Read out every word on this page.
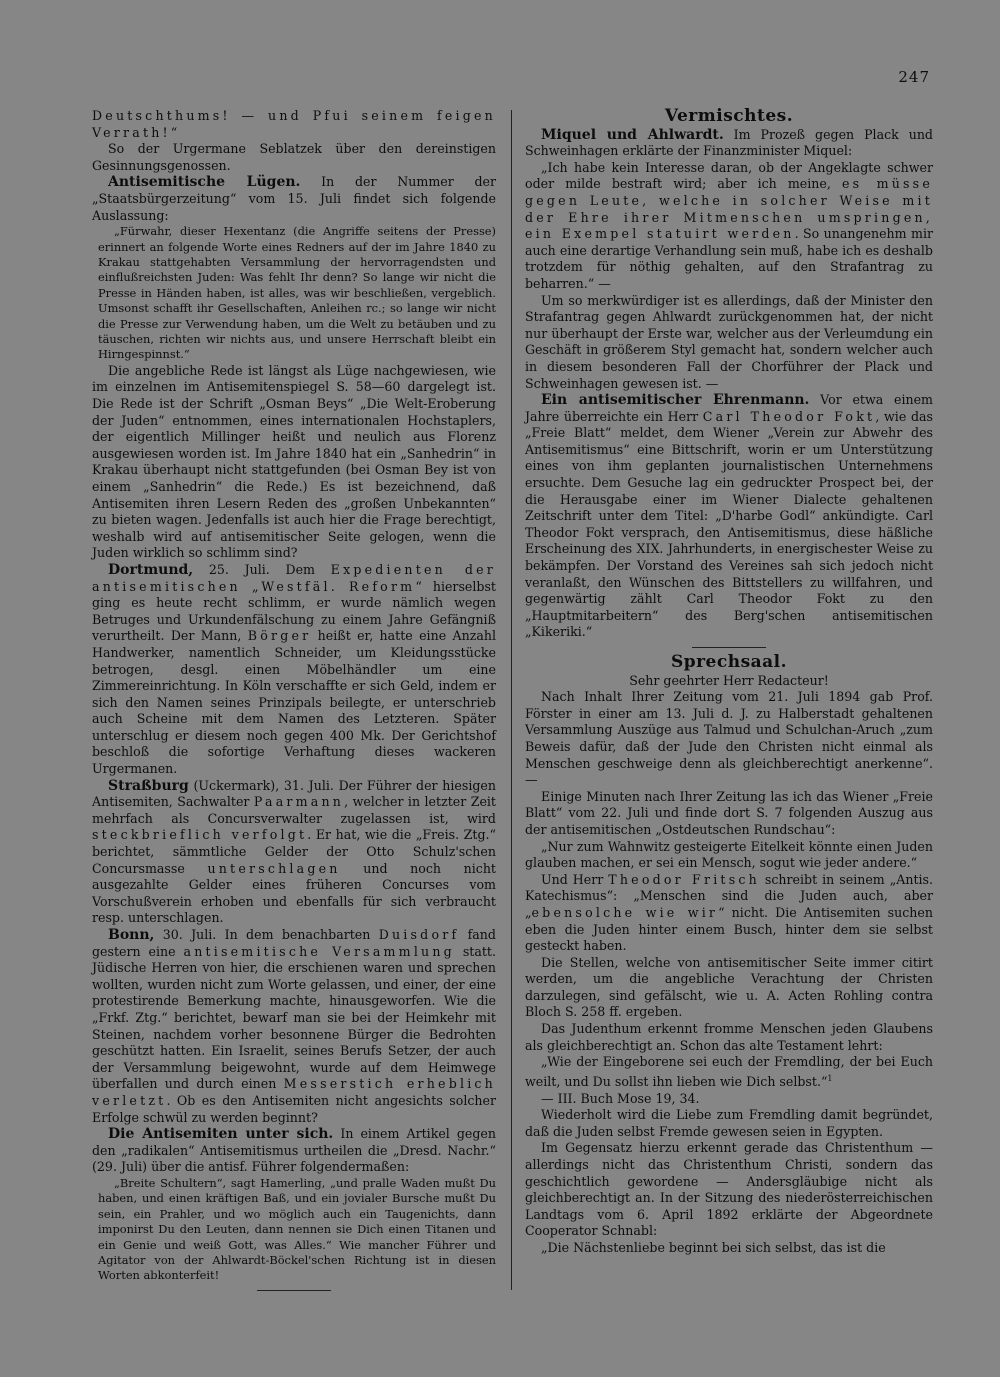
247

Deutschthums! — und Pfui seinem feigen Verrath!“

So der Urgermane Seblatzek über den dereinstigen Gesinnungsgenossen.

Antisemitische Lügen. In der Nummer der „Staatsbürgerzeitung“ vom 15. Juli findet sich folgende Auslassung:

„Fürwahr, dieser Hexentanz (die Angriffe seitens der Presse) erinnert an folgende Worte eines Redners auf der im Jahre 1840 zu Krakau stattgehabten Versammlung der hervorragendsten und einflußreichsten Juden: Was fehlt Ihr denn? So lange wir nicht die Presse in Händen haben, ist alles, was wir beschließen, vergeblich. Umsonst schafft ihr Gesellschaften, Anleihen rc.; so lange wir nicht die Presse zur Verwendung haben, um die Welt zu betäuben und zu täuschen, richten wir nichts aus, und unsere Herrschaft bleibt ein Hirngespinnst.“

Die angebliche Rede ist längst als Lüge nachgewiesen, wie im einzelnen im Antisemitenspiegel S. 58—60 dargelegt ist. Die Rede ist der Schrift „Osman Beys“ „Die Welt-Eroberung der Juden“ entnommen, eines internationalen Hochstaplers, der eigentlich Millinger heißt und neulich aus Florenz ausgewiesen worden ist. Im Jahre 1840 hat ein „Sanhedrin“ in Krakau überhaupt nicht stattgefunden (bei Osman Bey ist von einem „Sanhedrin“ die Rede.) Es ist bezeichnend, daß Antisemiten ihren Lesern Reden des „großen Unbekannten“ zu bieten wagen. Jedenfalls ist auch hier die Frage berechtigt, weshalb wird auf antisemitischer Seite gelogen, wenn die Juden wirklich so schlimm sind?

Dortmund, 25. Juli. Dem Expedienten der antisemitischen „Westfäl. Reform“ hierselbst ging es heute recht schlimm, er wurde nämlich wegen Betruges und Urkundenfälschung zu einem Jahre Gefängniß verurtheilt. Der Mann, Börger heißt er, hatte eine Anzahl Handwerker, namentlich Schneider, um Kleidungsstücke betrogen, desgl. einen Möbelhändler um eine Zimmereinrichtung. In Köln verschaffte er sich Geld, indem er sich den Namen seines Prinzipals beilegte, er unterschrieb auch Scheine mit dem Namen des Letzteren. Später unterschlug er diesem noch gegen 400 Mk. Der Gerichtshof beschloß die sofortige Verhaftung dieses wackeren Urgermanen.

Straßburg (Uckermark), 31. Juli. Der Führer der hiesigen Antisemiten, Sachwalter Paarmann, welcher in letzter Zeit mehrfach als Concursverwalter zugelassen ist, wird steckbrieflich verfolgt. Er hat, wie die „Freis. Ztg.“ berichtet, sämmtliche Gelder der Otto Schulz'schen Concursmasse unterschlagen und noch nicht ausgezahlte Gelder eines früheren Concurses vom Vorschußverein erhoben und ebenfalls für sich verbraucht resp. unterschlagen.

Bonn, 30. Juli. In dem benachbarten Duisdorf fand gestern eine antisemitische Versammlung statt. Jüdische Herren von hier, die erschienen waren und sprechen wollten, wurden nicht zum Worte gelassen, und einer, der eine protestirende Bemerkung machte, hinausgeworfen. Wie die „Frkf. Ztg.“ berichtet, bewarf man sie bei der Heimkehr mit Steinen, nachdem vorher besonnene Bürger die Bedrohten geschützt hatten. Ein Israelit, seines Berufs Setzer, der auch der Versammlung beigewohnt, wurde auf dem Heimwege überfallen und durch einen Messerstich erheblich verletzt. Ob es den Antisemiten nicht angesichts solcher Erfolge schwül zu werden beginnt?

Die Antisemiten unter sich. In einem Artikel gegen den „radikalen“ Antisemitismus urtheilen die „Dresd. Nachr.“ (29. Juli) über die antisf. Führer folgendermaßen:

„Breite Schultern“, sagt Hamerling, „und pralle Waden mußt Du haben, und einen kräftigen Baß, und ein jovialer Bursche mußt Du sein, ein Prahler, und wo möglich auch ein Taugenichts, dann imponirst Du den Leuten, dann nennen sie Dich einen Titanen und ein Genie und weiß Gott, was Alles.“ Wie mancher Führer und Agitator von der Ahlwardt-Böckel'schen Richtung ist in diesen Worten abkonterfeit!

Vermischtes.

Miquel und Ahlwardt. Im Prozeß gegen Plack und Schweinhagen erklärte der Finanzminister Miquel:

„Ich habe kein Interesse daran, ob der Angeklagte schwer oder milde bestraft wird; aber ich meine, es müsse gegen Leute, welche in solcher Weise mit der Ehre ihrer Mitmenschen umspringen, ein Exempel statuirt werden. So unangenehm mir auch eine derartige Verhandlung sein muß, habe ich es deshalb trotzdem für nöthig gehalten, auf den Strafantrag zu beharren.“ —

Um so merkwürdiger ist es allerdings, daß der Minister den Strafantrag gegen Ahlwardt zurückgenommen hat, der nicht nur überhaupt der Erste war, welcher aus der Verleumdung ein Geschäft in größerem Styl gemacht hat, sondern welcher auch in diesem besonderen Fall der Chorführer der Plack und Schweinhagen gewesen ist. —

Ein antisemitischer Ehrenmann. Vor etwa einem Jahre überreichte ein Herr Carl Theodor Fokt, wie das „Freie Blatt“ meldet, dem Wiener „Verein zur Abwehr des Antisemitismus“ eine Bittschrift, worin er um Unterstützung eines von ihm geplanten journalistischen Unternehmens ersuchte. Dem Gesuche lag ein gedruckter Prospect bei, der die Herausgabe einer im Wiener Dialecte gehaltenen Zeitschrift unter dem Titel: „D'harbe Godl“ ankündigte. Carl Theodor Fokt versprach, den Antisemitismus, diese häßliche Erscheinung des XIX. Jahrhunderts, in energischester Weise zu bekämpfen. Der Vorstand des Vereines sah sich jedoch nicht veranlaßt, den Wünschen des Bittstellers zu willfahren, und gegenwärtig zählt Carl Theodor Fokt zu den „Hauptmitarbeitern“ des Berg'schen antisemitischen „Kikeriki.“

Sprechsaal.

Sehr geehrter Herr Redacteur!

Nach Inhalt Ihrer Zeitung vom 21. Juli 1894 gab Prof. Förster in einer am 13. Juli d. J. zu Halberstadt gehaltenen Versammlung Auszüge aus Talmud und Schulchan-Aruch „zum Beweis dafür, daß der Jude den Christen nicht einmal als Menschen geschweige denn als gleichberechtigt anerkenne“. —

Einige Minuten nach Ihrer Zeitung las ich das Wiener „Freie Blatt“ vom 22. Juli und finde dort S. 7 folgenden Auszug aus der antisemitischen „Ostdeutschen Rundschau“:

„Nur zum Wahnwitz gesteigerte Eitelkeit könnte einen Juden glauben machen, er sei ein Mensch, sogut wie jeder andere.“

Und Herr Theodor Fritsch schreibt in seinem „Antis. Katechismus“: „Menschen sind die Juden auch, aber „ebensolche wie wir“ nicht. Die Antisemiten suchen eben die Juden hinter einem Busch, hinter dem sie selbst gesteckt haben.

Die Stellen, welche von antisemitischer Seite immer citirt werden, um die angebliche Verachtung der Christen darzulegen, sind gefälscht, wie u. A. Acten Rohling contra Bloch S. 258 ff. ergeben.

Das Judenthum erkennt fromme Menschen jeden Glaubens als gleichberechtigt an. Schon das alte Testament lehrt:

„Wie der Eingeborene sei euch der Fremdling, der bei Euch weilt, und Du sollst ihn lieben wie Dich selbst.“$^1$

— III. Buch Mose 19, 34.

Wiederholt wird die Liebe zum Fremdling damit begründet, daß die Juden selbst Fremde gewesen seien in Egypten.

Im Gegensatz hierzu erkennt gerade das Christenthum — allerdings nicht das Christenthum Christi, sondern das geschichtlich gewordene — Andersgläubige nicht als gleichberechtigt an. In der Sitzung des niederösterreichischen Landtags vom 6. April 1892 erklärte der Abgeordnete Cooperator Schnabl:

„Die Nächstenliebe beginnt bei sich selbst, das ist die
